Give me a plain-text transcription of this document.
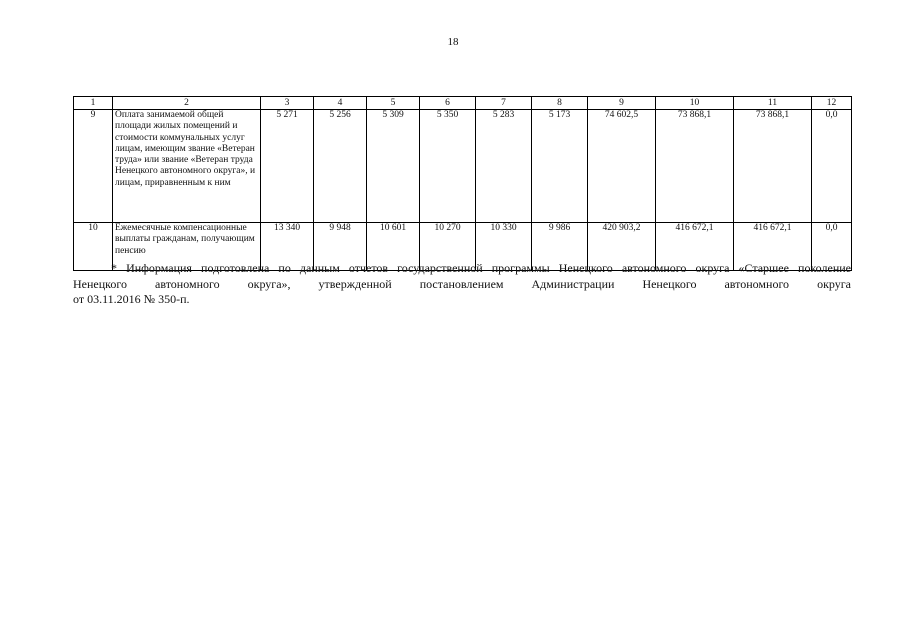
18
1	2	3	4	5	6	7	8	9	10	11	12
9	Оплата занимаемой общей площади жилых помещений и стоимости коммунальных услуг лицам, имеющим звание «Ветеран труда» или звание «Ветеран труда Ненецкого автономного округа», и лицам, приравненным к ним	5 271	5 256	5 309	5 350	5 283	5 173	74 602,5	73 868,1	73 868,1	0,0
10	Ежемесячные компенсационные выплаты гражданам, получающим пенсию	13 340	9 948	10 601	10 270	10 330	9 986	420 903,2	416 672,1	416 672,1	0,0
* Информация подготовлена по данным отчетов государственной программы Ненецкого автономного округа «Старшее поколение
Ненецкого автономного округа», утвержденной постановлением Администрации Ненецкого автономного округа
от 03.11.2016 № 350-п.
